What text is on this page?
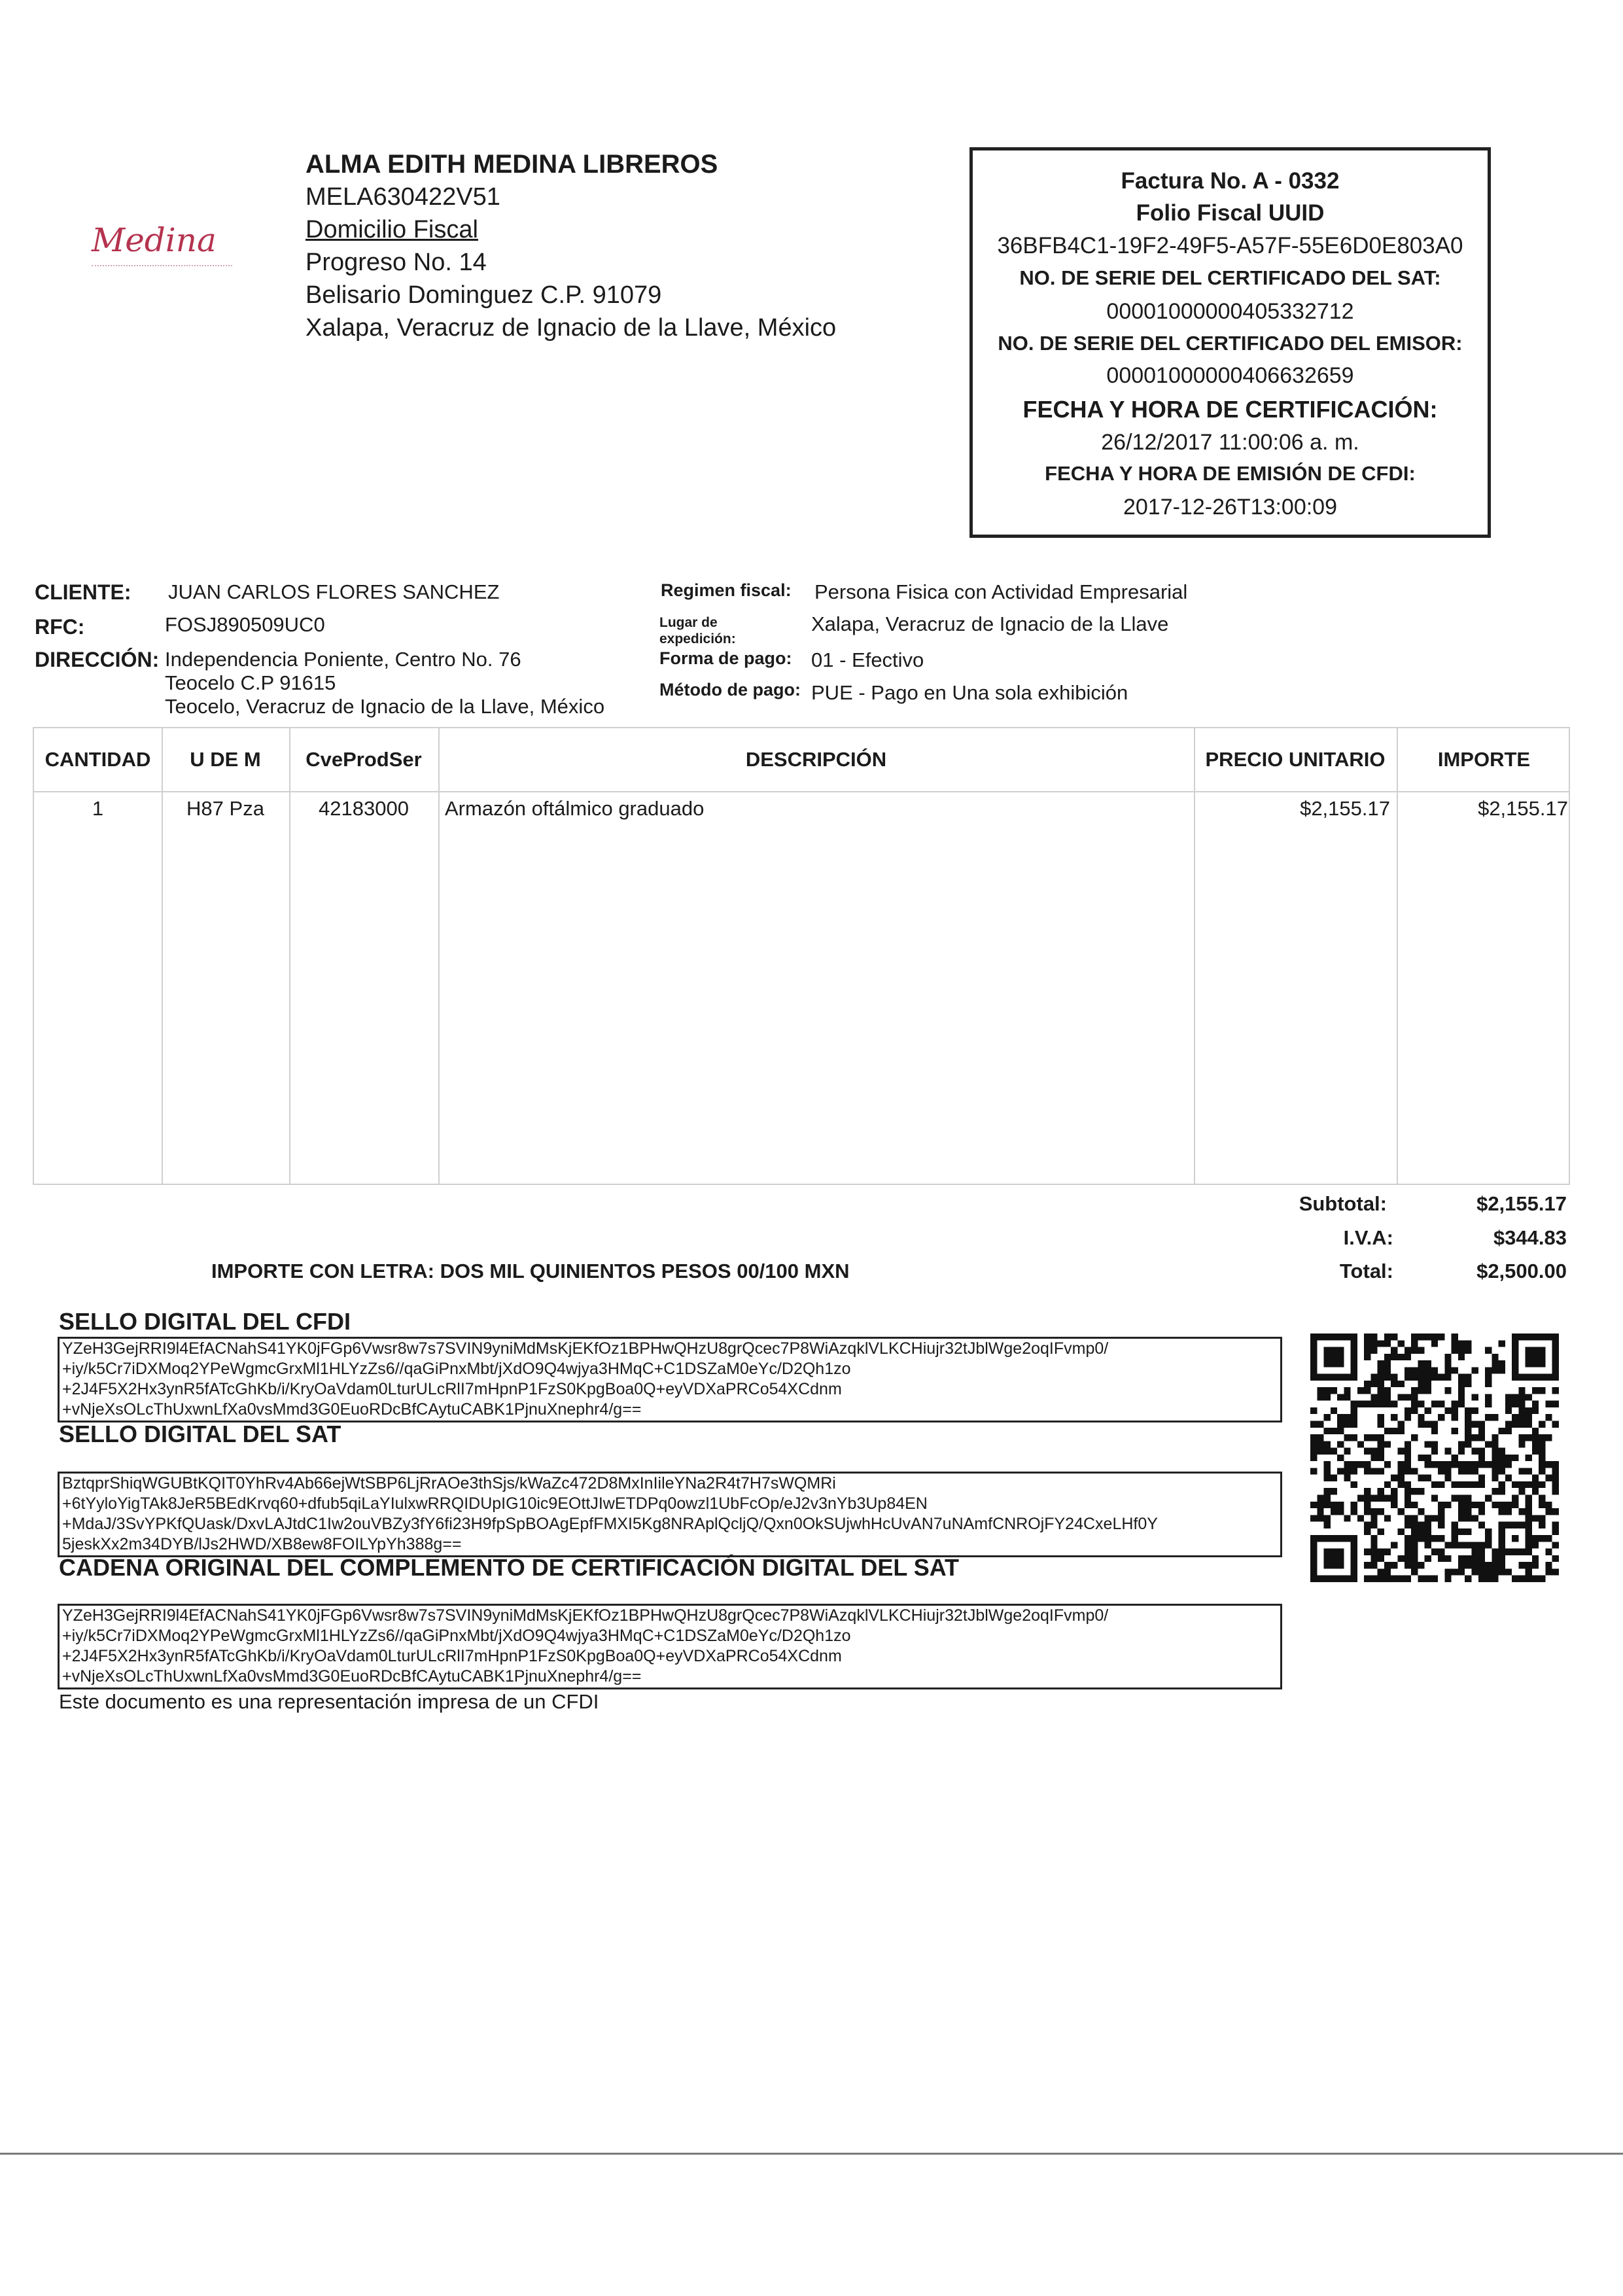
Medina
ALMA EDITH MEDINA LIBREROS
MELA630422V51
Domicilio Fiscal
Progreso No. 14
Belisario Dominguez C.P. 91079
Xalapa, Veracruz de Ignacio de la Llave, México
Factura No. A - 0332
Folio Fiscal UUID
36BFB4C1-19F2-49F5-A57F-55E6D0E803A0
NO. DE SERIE DEL CERTIFICADO DEL SAT:
00001000000405332712
NO. DE SERIE DEL CERTIFICADO DEL EMISOR:
00001000000406632659
FECHA Y HORA DE CERTIFICACIÓN:
26/12/2017 11:00:06 a. m.
FECHA Y HORA DE EMISIÓN DE CFDI:
2017-12-26T13:00:09
CLIENTE: JUAN CARLOS FLORES SANCHEZ
RFC:	FOSJ890509UC0
DIRECCIÓN: Independencia Poniente, Centro No. 76
Teocelo C.P 91615
Teocelo, Veracruz de Ignacio de la Llave, México
Regimen fiscal: Persona Fisica con Actividad Empresarial
Lugar de
expedición:
Xalapa, Veracruz de Ignacio de la Llave
Forma de pago: 01 - Efectivo
Método de pago: PUE - Pago en Una sola exhibición
CANTIDAD	U DE M	CveProdSer	DESCRIPCIÓN	PRECIO UNITARIO	IMPORTE
1	H87 Pza	42183000	Armazón oftálmico graduado	$2,155.17	$2,155.17
Subtotal:	$2,155.17
I.V.A:	$344.83
Total:	$2,500.00
IMPORTE CON LETRA: DOS MIL QUINIENTOS PESOS 00/100 MXN
SELLO DIGITAL DEL CFDI
YZeH3GejRRI9l4EfACNahS41YK0jFGp6Vwsr8w7s7SVIN9yniMdMsKjEKfOz1BPHwQHzU8grQcec7P8WiAzqklVLKCHiujr32tJblWge2oqIFvmp0/
+iy/k5Cr7iDXMoq2YPeWgmcGrxMl1HLYzZs6//qaGiPnxMbt/jXdO9Q4wjya3HMqC+C1DSZaM0eYc/D2Qh1zo
+2J4F5X2Hx3ynR5fATcGhKb/i/KryOaVdam0LturULcRlI7mHpnP1FzS0KpgBoa0Q+eyVDXaPRCo54XCdnm
+vNjeXsOLcThUxwnLfXa0vsMmd3G0EuoRDcBfCAytuCABK1PjnuXnephr4/g==
SELLO DIGITAL DEL SAT
BztqprShiqWGUBtKQIT0YhRv4Ab66ejWtSBP6LjRrAOe3thSjs/kWaZc472D8MxInIileYNa2R4t7H7sWQMRi
+6tYyloYigTAk8JeR5BEdKrvq60+dfub5qiLaYIulxwRRQIDUpIG10ic9EOttJIwETDPq0owzl1UbFcOp/eJ2v3nYb3Up84EN
+MdaJ/3SvYPKfQUask/DxvLAJtdC1Iw2ouVBZy3fY6fi23H9fpSpBOAgEpfFMXI5Kg8NRAplQcljQ/Qxn0OkSUjwhHcUvAN7uNAmfCNROjFY24CxeLHf0Y
5jeskXx2m34DYB/lJs2HWD/XB8ew8FOILYpYh388g==
CADENA ORIGINAL DEL COMPLEMENTO DE CERTIFICACIÓN DIGITAL DEL SAT
YZeH3GejRRI9l4EfACNahS41YK0jFGp6Vwsr8w7s7SVIN9yniMdMsKjEKfOz1BPHwQHzU8grQcec7P8WiAzqklVLKCHiujr32tJblWge2oqIFvmp0/
+iy/k5Cr7iDXMoq2YPeWgmcGrxMl1HLYzZs6//qaGiPnxMbt/jXdO9Q4wjya3HMqC+C1DSZaM0eYc/D2Qh1zo
+2J4F5X2Hx3ynR5fATcGhKb/i/KryOaVdam0LturULcRlI7mHpnP1FzS0KpgBoa0Q+eyVDXaPRCo54XCdnm
+vNjeXsOLcThUxwnLfXa0vsMmd3G0EuoRDcBfCAytuCABK1PjnuXnephr4/g==
Este documento es una representación impresa de un CFDI
